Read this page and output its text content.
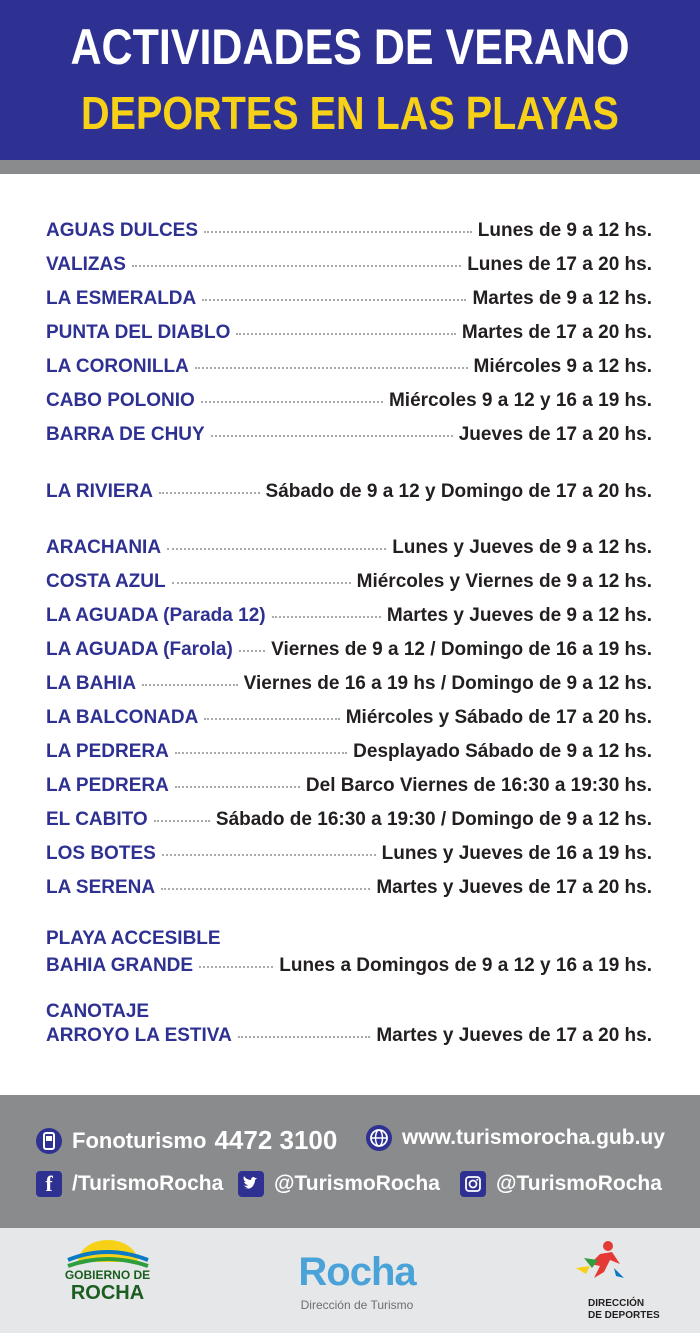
ACTIVIDADES DE VERANO
DEPORTES EN LAS PLAYAS
AGUAS DULCES	Lunes de 9 a 12 hs.
VALIZAS	Lunes de 17 a 20 hs.
LA ESMERALDA	Martes de 9 a 12 hs.
PUNTA DEL DIABLO	Martes de 17 a 20 hs.
LA CORONILLA	Miércoles 9 a 12 hs.
CABO POLONIO	Miércoles 9 a 12 y 16 a 19 hs.
BARRA DE CHUY	Jueves de 17 a 20 hs.
LA RIVIERA	Sábado de 9 a 12 y Domingo de 17 a 20 hs.
ARACHANIA	Lunes y Jueves de 9 a 12 hs.
COSTA AZUL	Miércoles y Viernes de 9 a 12 hs.
LA AGUADA (Parada 12)	Martes y Jueves de 9 a 12 hs.
LA AGUADA (Farola) Viernes de 9 a 12 / Domingo de 16 a 19 hs.
LA BAHIA	Viernes de 16 a 19 hs / Domingo de 9 a 12 hs.
LA BALCONADA	Miércoles y Sábado de 17 a 20 hs.
LA PEDRERA	Desplayado Sábado de 9 a 12 hs.
LA PEDRERA	Del Barco Viernes de 16:30 a 19:30 hs.
EL CABITO	Sábado de 16:30 a 19:30 / Domingo de 9 a 12 hs.
LOS BOTES	Lunes y Jueves de 16 a 19 hs.
LA SERENA	Martes y Jueves de 17 a 20 hs.
PLAYA ACCESIBLE
BAHIA GRANDE	Lunes a Domingos de 9 a 12 y 16 a 19 hs.
CANOTAJE
ARROYO LA ESTIVA	Martes y Jueves de 17 a 20 hs.
Fonoturismo 4472 3100	www.turismorocha.gub.uy
f /TurismoRocha @TurismoRocha	@TurismoRocha
GOBIERNO DE
ROCHA	Rocha
Dirección de Turismo	DIRECCIÓN
DE DEPORTES
